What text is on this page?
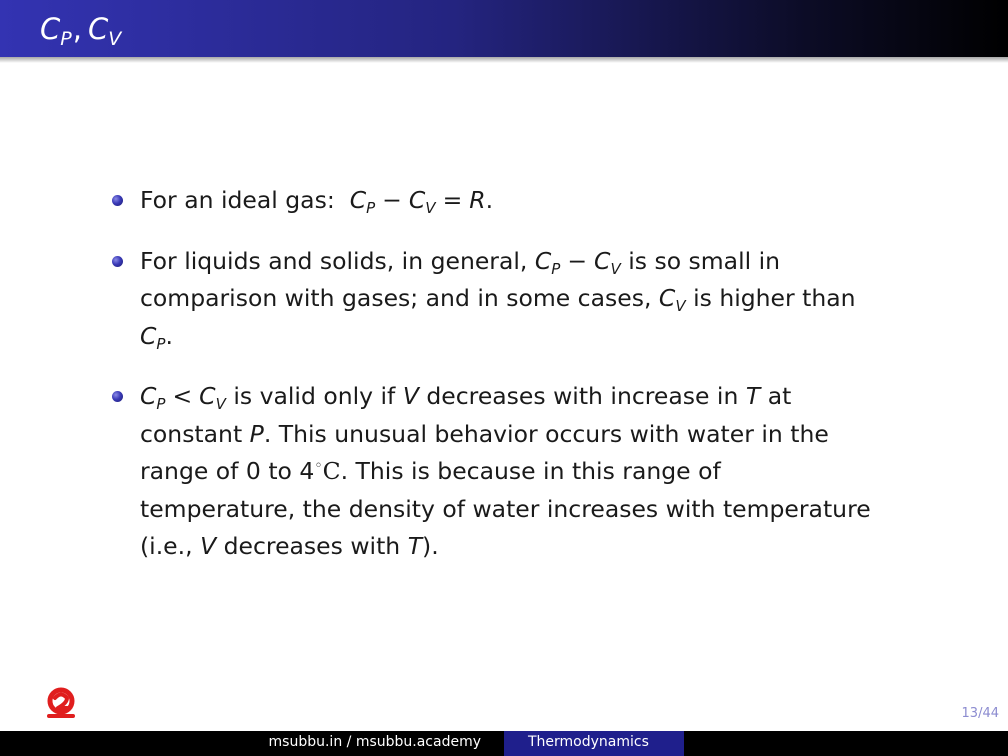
$C_P$, $C_V$
For an ideal gas: $C_P - C_V = R$.
For liquids and solids, in general, $C_P - C_V$ is so small in
comparison with gases; and in some cases, $C_V$ is higher than
$C_P$.
$C_P < C_V$ is valid only if V decreases with increase in T at
constant P. This unusual behavior occurs with water in the
range of 0 to 4◦C. This is because in this range of
temperature, the density of water increases with temperature
(i.e., V decreases with T).
13/44
msubbu.in / msubbu.academy	Thermodynamics
